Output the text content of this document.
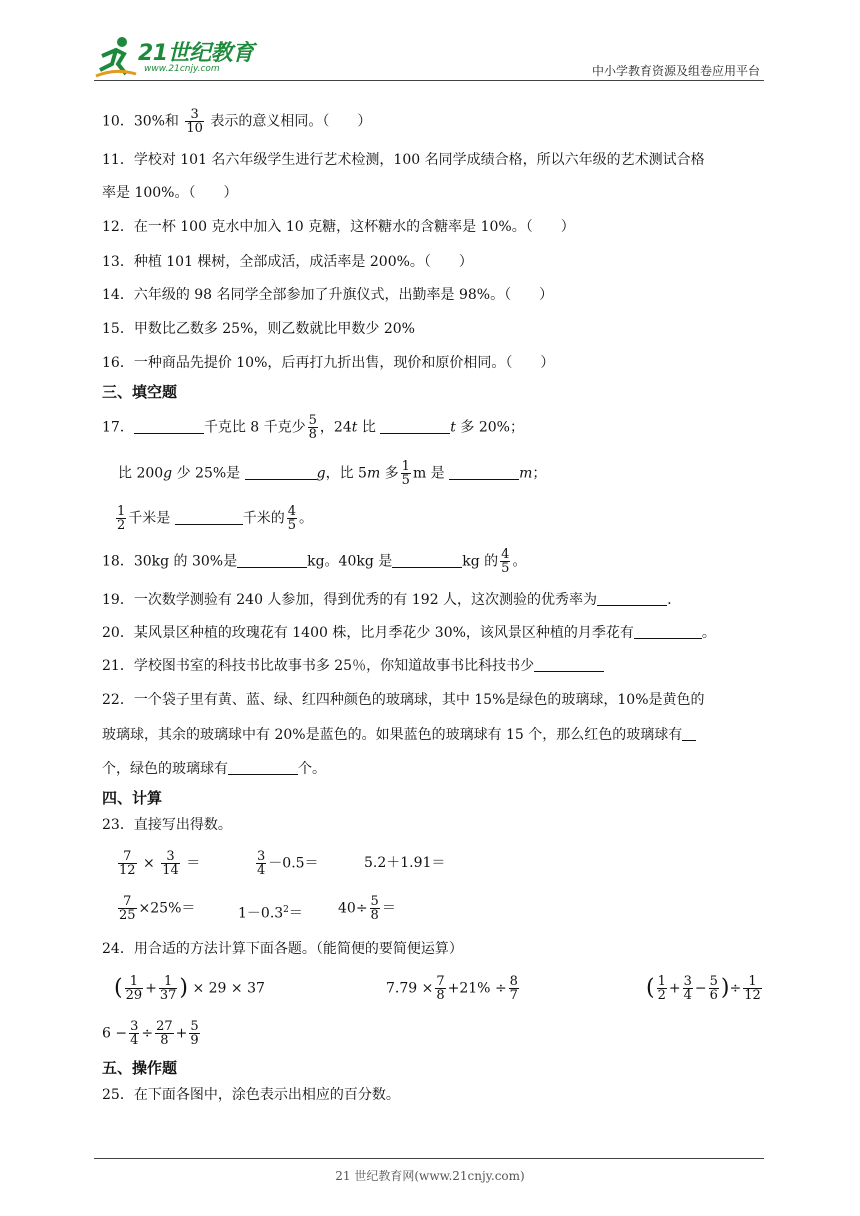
21世纪教育
www.21cnjy.com	中小学教育资源及组卷应用平台
10．30%和 $\frac{3}{10}$ 表示的意义相同。（　　）
11．学校对 101 名六年级学生进行艺术检测，100 名同学成绩合格，所以六年级的艺术测试合格
率是 100%。（　　）
12．在一杯 100 克水中加入 10 克糖，这杯糖水的含糖率是 10%。（　　）
13．种植 101 棵树，全部成活，成活率是 200%。（　　）
14．六年级的 98 名同学全部参加了升旗仪式，出勤率是 98%。（　　）
15．甲数比乙数多 25%，则乙数就比甲数少 20%
16．一种商品先提价 10%，后再打九折出售，现价和原价相同。（　　）
三、填空题
17．	千克比 8 千克少 $\frac{5}{8}$ ，24t 比	t 多 20%；
比 200g 少 25%是	g，比 5m 多 $\frac{1}{5}$ m 是	m；
$\frac{1}{2}$ 千米是	千米的 $\frac{4}{5}$ 。
18．30kg 的 30%是	kg。40kg 是	kg 的 $\frac{4}{5}$ 。
19．一次数学测验有 240 人参加，得到优秀的有 192 人，这次测验的优秀率为	.
20．某风景区种植的玫瑰花有 1400 株，比月季花少 30%，该风景区种植的月季花有	。
21．学校图书室的科技书比故事书多 25％，你知道故事书比科技书少
22．一个袋子里有黄、蓝、绿、红四种颜色的玻璃球，其中 15%是绿色的玻璃球，10%是黄色的
玻璃球，其余的玻璃球中有 20%是蓝色的。如果蓝色的玻璃球有 15 个，那么红色的玻璃球有
个，绿色的玻璃球有	个。
四、计算
23．直接写出得数。
$\frac{7}{12} \times \frac{3}{14}$ ＝	$\frac{3}{4} -0.5=$	5.2＋1.91＝
$\frac{7}{25} \times 25\%=$	$1-0.3^2=$	$40\div \frac{5}{8}$ ＝
24．用合适的方法计算下面各题。（能简便的要简便运算）
( $\frac{1}{29} + \frac{1}{37}$ ) × 29 × 37	$7.79 \times \frac{7}{8} +21\% \div \frac{8}{7}$	( $\frac{1}{2} + \frac{3}{4} - \frac{5}{6}$ )÷ $\frac{1}{12}$
$6 - \frac{3}{4} \div \frac{27}{8} + \frac{5}{9}$
五、操作题
25．在下面各图中，涂色表示出相应的百分数。
21 世纪教育网(www.21cnjy.com)
